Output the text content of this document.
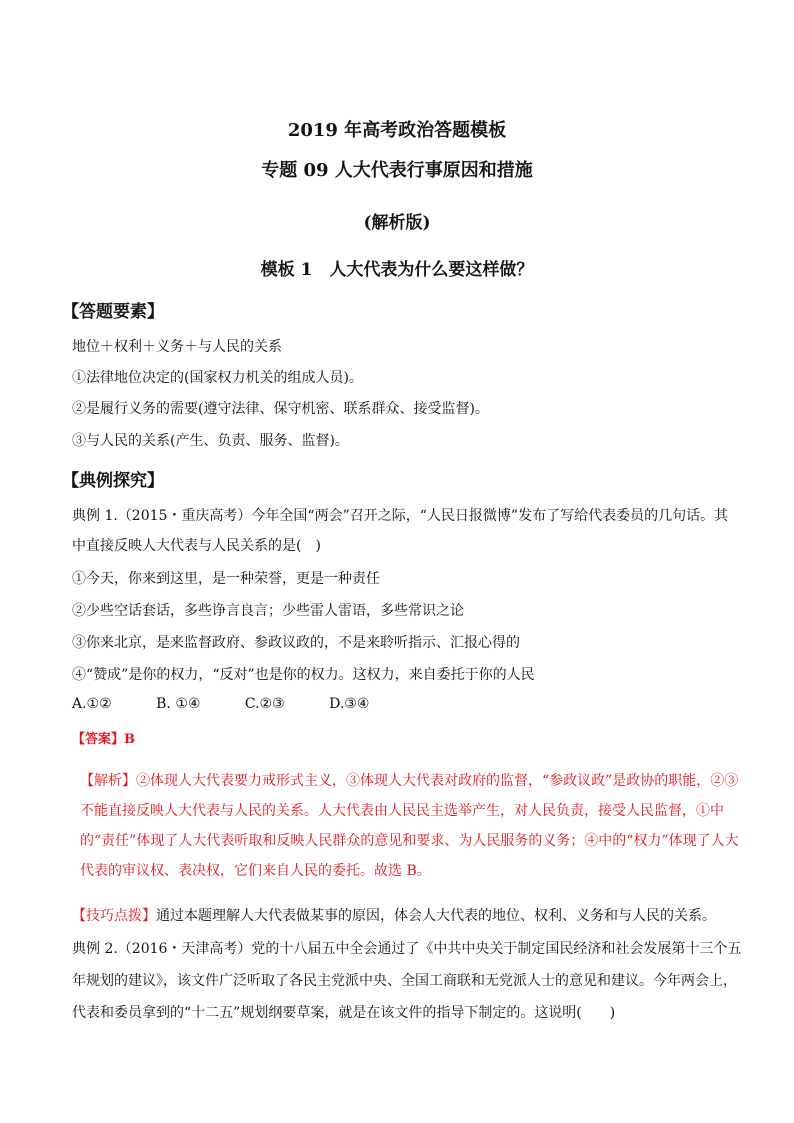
2019 年高考政治答题模板
专题 09 人大代表行事原因和措施
(解析版)
模板 1　人大代表为什么要这样做？
【答题要素】
地位＋权利＋义务＋与人民的关系
①法律地位决定的(国家权力机关的组成人员)。
②是履行义务的需要(遵守法律、保守机密、联系群众、接受监督)。
③与人民的关系(产生、负责、服务、监督)。
【典例探究】
典例 1.（2015・重庆高考）今年全国“两会”召开之际，“人民日报微博”发布了写给代表委员的几句话。其
中直接反映人大代表与人民关系的是(　)
①今天，你来到这里，是一种荣誉，更是一种责任
②少些空话套话，多些诤言良言；少些雷人雷语，多些常识之论
③你来北京，是来监督政府、参政议政的，不是来聆听指示、汇报心得的
④“赞成”是你的权力，“反对”也是你的权力。这权力，来自委托于你的人民
A.①②	B. ①④	C.②③	D.③④
【答案】B
【解析】②体现人大代表要力戒形式主义，③体现人大代表对政府的监督，“参政议政”是政协的职能，②③不能直接反映人大代表与人民的关系。人大代表由人民民主选举产生，对人民负责，接受人民监督，①中的“责任”体现了人大代表听取和反映人民群众的意见和要求、为人民服务的义务；④中的“权力”体现了人大代表的审议权、表决权，它们来自人民的委托。故选 B。
【技巧点拨】通过本题理解人大代表做某事的原因，体会人大代表的地位、权利、义务和与人民的关系。
典例 2.（2016・天津高考）党的十八届五中全会通过了《中共中央关于制定国民经济和社会发展第十三个五
年规划的建议》，该文件广泛听取了各民主党派中央、全国工商联和无党派人士的意见和建议。今年两会上，
代表和委员拿到的“十二五”规划纲要草案，就是在该文件的指导下制定的。这说明(　　)
